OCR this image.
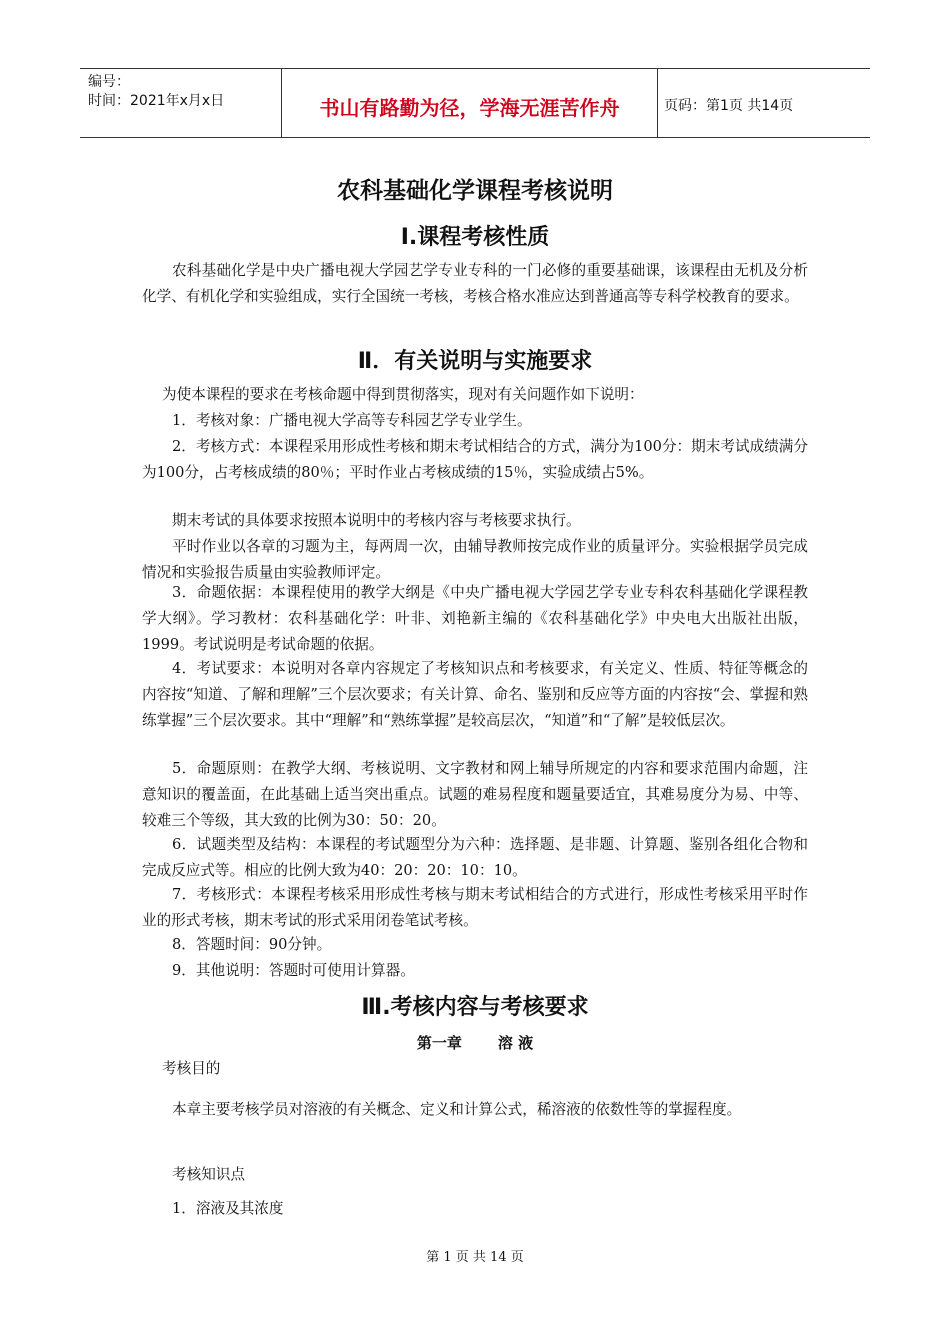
编号：
时间：2021年x月x日	书山有路勤为径，学海无涯苦作舟	页码：第1页 共14页
农科基础化学课程考核说明
Ⅰ.课程考核性质

农科基础化学是中央广播电视大学园艺学专业专科的一门必修的重要基础课，该课程由无机及分析化学、有机化学和实验组成，实行全国统一考核，考核合格水准应达到普通高等专科学校教育的要求。

Ⅱ．有关说明与实施要求

为使本课程的要求在考核命题中得到贯彻落实，现对有关问题作如下说明：

1．考核对象：广播电视大学高等专科园艺学专业学生。

2．考核方式：本课程采用形成性考核和期末考试相结合的方式，满分为100分：期末考试成绩满分为100分，占考核成绩的80％；平时作业占考核成绩的15％，实验成绩占5%。

期末考试的具体要求按照本说明中的考核内容与考核要求执行。

平时作业以各章的习题为主，每两周一次，由辅导教师按完成作业的质量评分。实验根据学员完成情况和实验报告质量由实验教师评定。

3．命题依据：本课程使用的教学大纲是《中央广播电视大学园艺学专业专科农科基础化学课程教学大纲》。学习教材：农科基础化学：叶非、刘艳新主编的《农科基础化学》中央电大出版社出版，1999。考试说明是考试命题的依据。

4．考试要求：本说明对各章内容规定了考核知识点和考核要求，有关定义、性质、特征等概念的内容按“知道、了解和理解”三个层次要求；有关计算、命名、鉴别和反应等方面的内容按“会、掌握和熟练掌握”三个层次要求。其中“理解”和“熟练掌握”是较高层次，“知道”和“了解”是较低层次。

5．命题原则：在教学大纲、考核说明、文字教材和网上辅导所规定的内容和要求范围内命题，注意知识的覆盖面，在此基础上适当突出重点。试题的难易程度和题量要适宜，其难易度分为易、中等、较难三个等级，其大致的比例为30：50：20。

6．试题类型及结构：本课程的考试题型分为六种：选择题、是非题、计算题、鉴别各组化合物和完成反应式等。相应的比例大致为40：20：20：10：10。

7．考核形式：本课程考核采用形成性考核与期末考试相结合的方式进行，形成性考核采用平时作业的形式考核，期末考试的形式采用闭卷笔试考核。

8．答题时间：90分钟。

9．其他说明：答题时可使用计算器。

Ⅲ.考核内容与考核要求
第一章 溶 液

考核目的

本章主要考核学员对溶液的有关概念、定义和计算公式，稀溶液的依数性等的掌握程度。

考核知识点

1．溶液及其浓度

第 1 页 共 14 页
